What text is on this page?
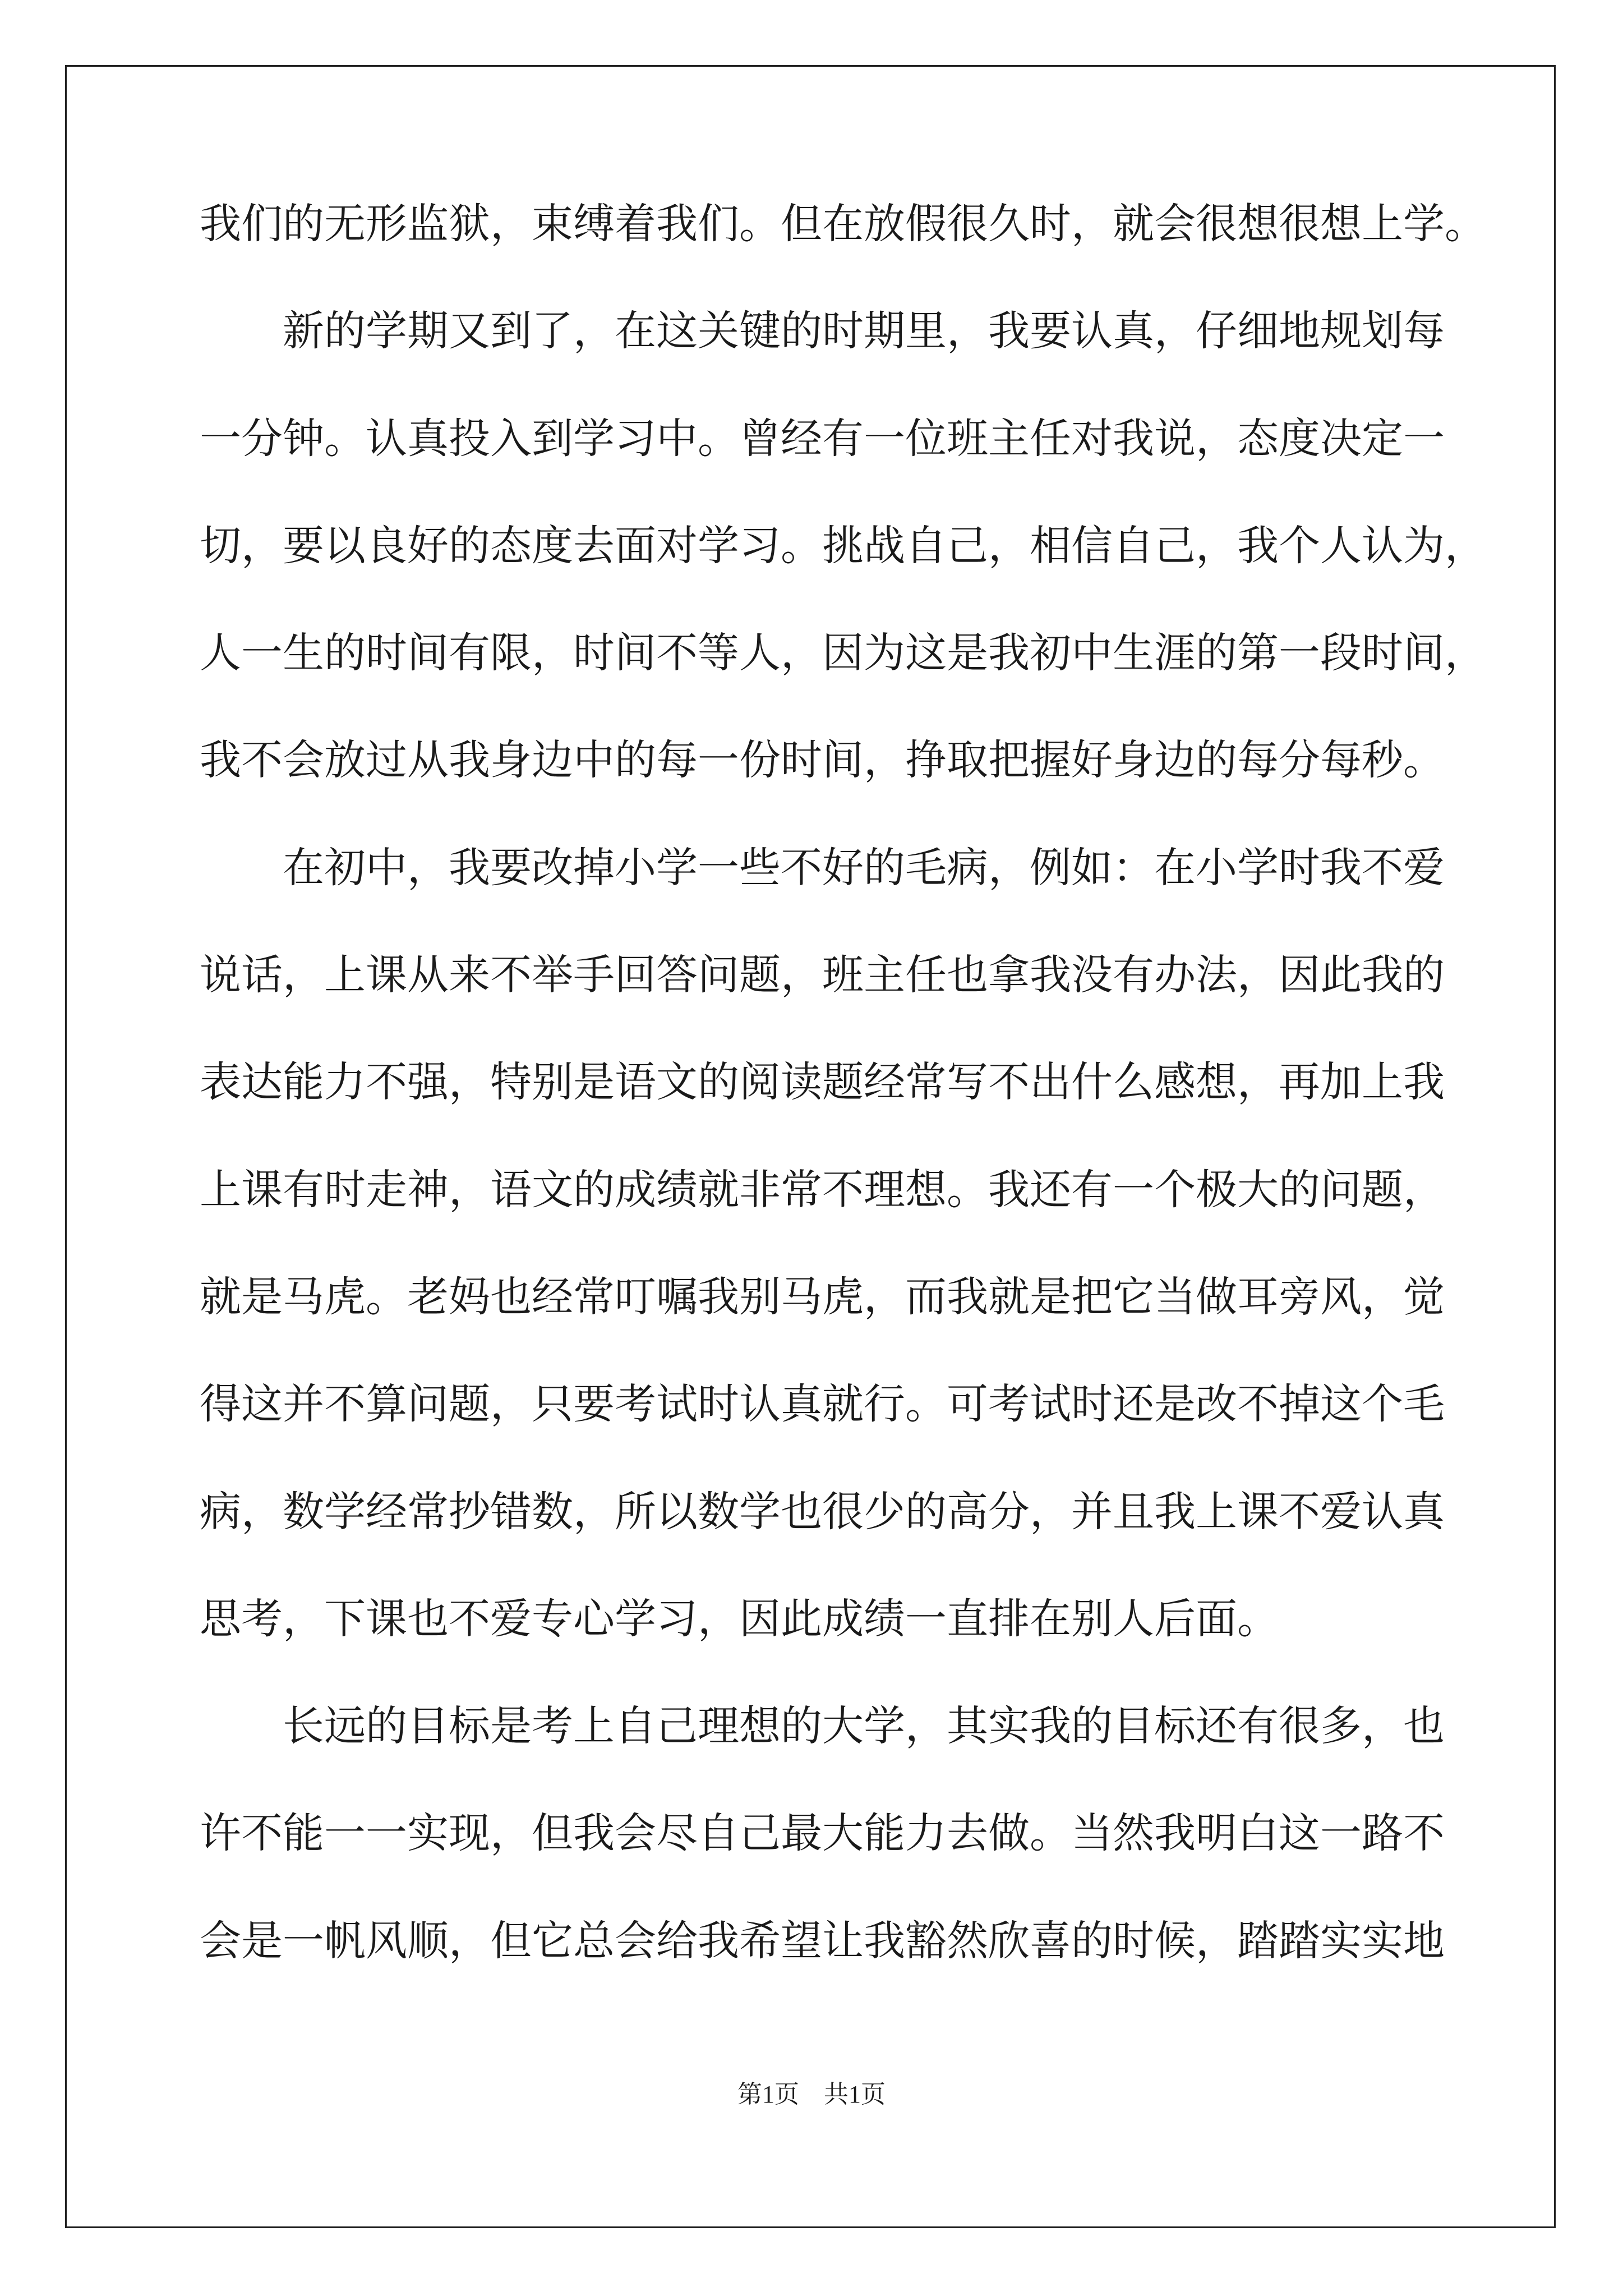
我 们 的 无 形 监 狱 ， 束 缚 着 我 们 。 但 在 放 假 很 久 时 ， 就 会 很 想 很 想 上 学 。
新 的 学 期 又 到 了 ， 在 这 关 键 的 时 期 里 ， 我 要 认 真 ， 仔 细 地 规 划 每
一 分 钟 。 认 真 投 入 到 学 习 中 。 曾 经 有 一 位 班 主 任 对 我 说 ， 态 度 决 定 一
切 ， 要 以 良 好 的 态 度 去 面 对 学 习 。 挑 战 自 己 ， 相 信 自 己 ， 我 个 人 认 为 ，
人 一 生 的 时 间 有 限 ， 时 间 不 等 人 ， 因 为 这 是 我 初 中 生 涯 的 第 一 段 时 间 ，
我 不 会 放 过 从 我 身 边 中 的 每 一 份 时 间 ， 挣 取 把 握 好 身 边 的 每 分 每 秒 。
在 初 中 ， 我 要 改 掉 小 学 一 些 不 好 的 毛 病 ， 例 如 ： 在 小 学 时 我 不 爱
说 话 ， 上 课 从 来 不 举 手 回 答 问 题 ， 班 主 任 也 拿 我 没 有 办 法 ， 因 此 我 的
表 达 能 力 不 强 ， 特 别 是 语 文 的 阅 读 题 经 常 写 不 出 什 么 感 想 ， 再 加 上 我
上 课 有 时 走 神 ， 语 文 的 成 绩 就 非 常 不 理 想 。 我 还 有 一 个 极 大 的 问 题 ，
就 是 马 虎 。 老 妈 也 经 常 叮 嘱 我 别 马 虎 ， 而 我 就 是 把 它 当 做 耳 旁 风 ， 觉
得 这 并 不 算 问 题 ， 只 要 考 试 时 认 真 就 行 。 可 考 试 时 还 是 改 不 掉 这 个 毛
病 ， 数 学 经 常 抄 错 数 ， 所 以 数 学 也 很 少 的 高 分 ， 并 且 我 上 课 不 爱 认 真
思考，下课也不爱专心学习，因此成绩一直排在别人后面。
长 远 的 目 标 是 考 上 自 己 理 想 的 大 学 ， 其 实 我 的 目 标 还 有 很 多 ， 也
许 不 能 一 一 实 现 ， 但 我 会 尽 自 己 最 大 能 力 去 做 。 当 然 我 明 白 这 一 路 不
会 是 一 帆 风 顺 ， 但 它 总 会 给 我 希 望 让 我 豁 然 欣 喜 的 时 候 ， 踏 踏 实 实 地
第1页 共1页
